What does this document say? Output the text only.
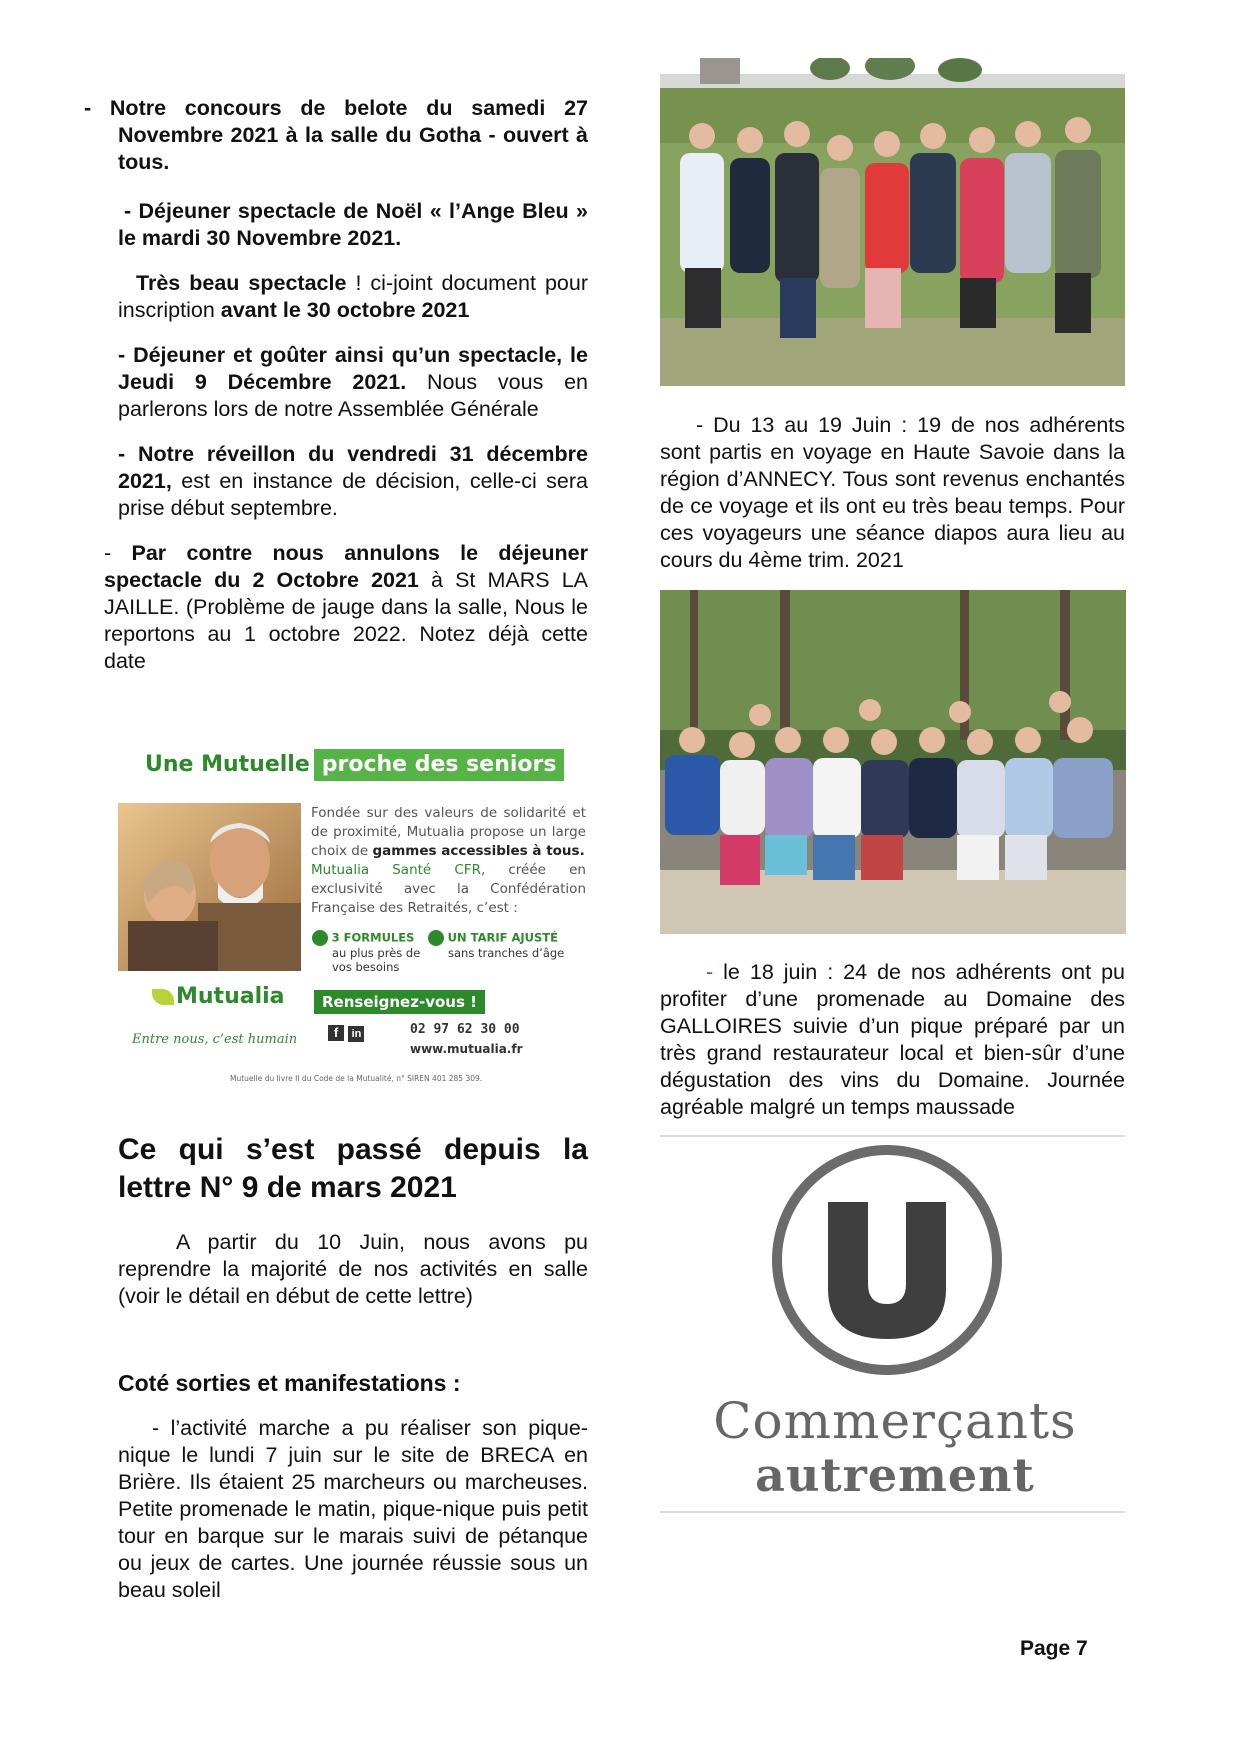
- Notre concours de belote du samedi 27 Novembre 2021 à la salle du Gotha - ouvert à tous.

- Déjeuner spectacle de Noël « l’Ange Bleu » le mardi 30 Novembre 2021.

Très beau spectacle ! ci-joint document pour inscription avant le 30 octobre 2021

- Déjeuner et goûter ainsi qu’un spectacle, le Jeudi 9 Décembre 2021. Nous vous en parlerons lors de notre Assemblée Générale

- Notre réveillon du vendredi 31 décembre 2021, est en instance de décision, celle-ci sera prise début septembre.

- Par contre nous annulons le déjeuner spectacle du 2 Octobre 2021 à St MARS LA JAILLE. (Problème de jauge dans la salle, Nous le reportons au 1 octobre 2022. Notez déjà cette date

Une Mutuelle proche des seniors
Fondée sur des valeurs de solidarité et de proximité, Mutualia propose un large choix de gammes accessibles à tous.
Mutualia Santé CFR, créée en exclusivité avec la Confédération Française des Retraités, c’est :
3 FORMULES
au plus près de vos besoins
UN TARIF AJUSTÉ
sans tranches d’âge
Renseignez-vous !
Mutualia
Entre nous, c’est humain	f in	02 97 62 30 00
www.mutualia.fr
Mutuelle du livre II du Code de la Mutualité, n° SIREN 401 285 309.
Ce qui s’est passé depuis la lettre N° 9 de mars 2021

A partir du 10 Juin, nous avons pu reprendre la majorité de nos activités en salle (voir le détail en début de cette lettre)

Coté sorties et manifestations :

- l’activité marche a pu réaliser son pique-nique le lundi 7 juin sur le site de BRECA en Brière. Ils étaient 25 marcheurs ou marcheuses. Petite promenade le matin, pique-nique puis petit tour en barque sur le marais suivi de pétanque ou jeux de cartes. Une journée réussie sous un beau soleil

- Du 13 au 19 Juin : 19 de nos adhérents sont partis en voyage en Haute Savoie dans la région d’ANNECY. Tous sont revenus enchantés de ce voyage et ils ont eu très beau temps. Pour ces voyageurs une séance diapos aura lieu au cours du 4ème trim. 2021

- le 18 juin : 24 de nos adhérents ont pu profiter d’une promenade au Domaine des GALLOIRES suivie d’un pique préparé par un très grand restaurateur local et bien-sûr d’une dégustation des vins du Domaine. Journée agréable malgré un temps maussade

Commerçants
autrement
Page 7
